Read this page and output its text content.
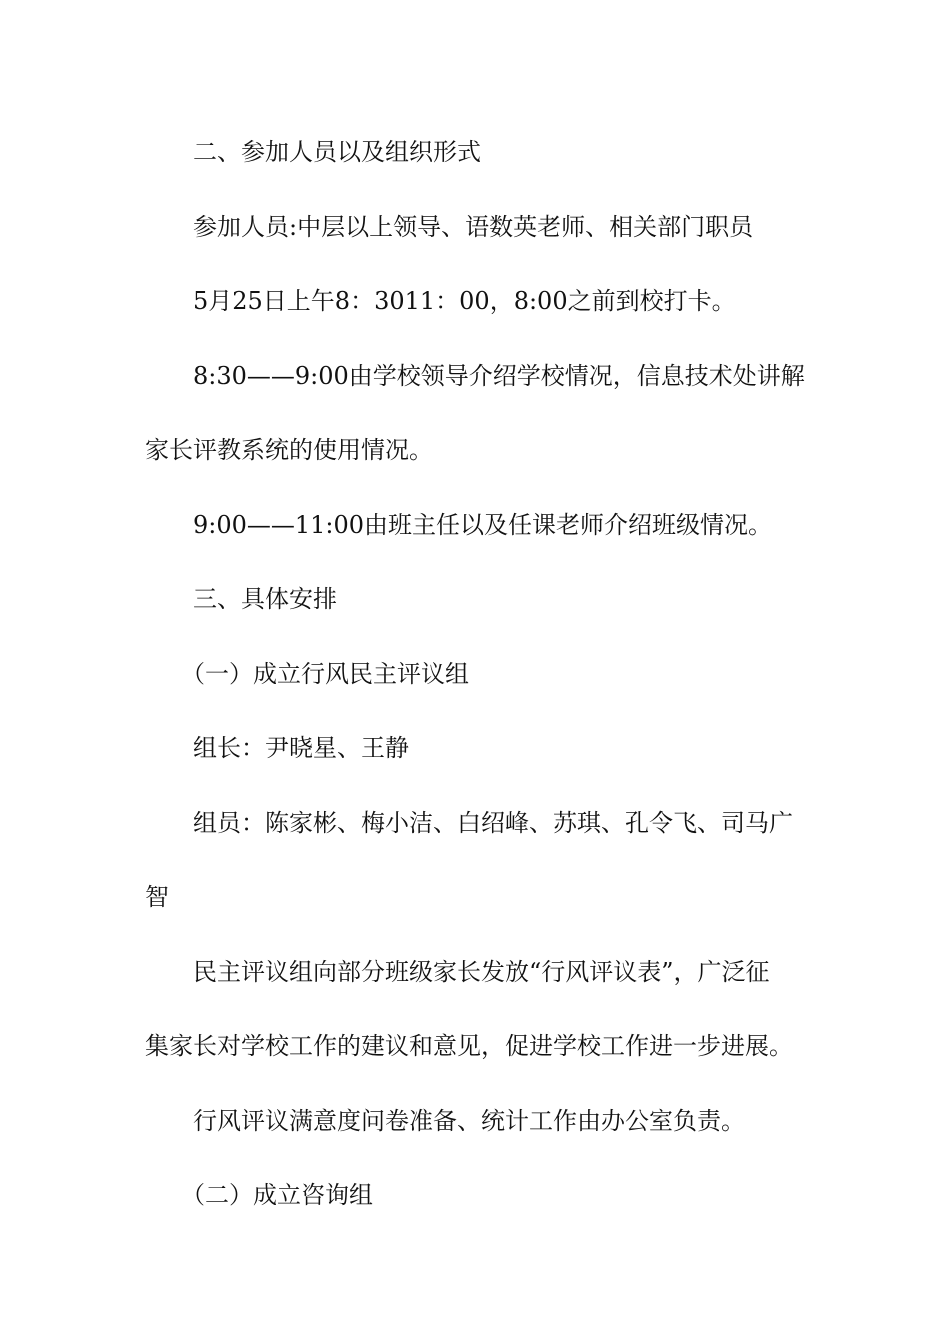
二、参加人员以及组织形式

参加人员:中层以上领导、语数英老师、相关部门职员

5月25日上午8：3011：00，8:00之前到校打卡。

8:30——9:00由学校领导介绍学校情况，信息技术处讲解

家长评教系统的使用情况。

9:00——11:00由班主任以及任课老师介绍班级情况。

三、具体安排

（一）成立行风民主评议组

组长：尹晓星、王静

组员：陈家彬、梅小洁、白绍峰、苏琪、孔令飞、司马广

智

民主评议组向部分班级家长发放“行风评议表”，广泛征

集家长对学校工作的建议和意见，促进学校工作进一步进展。

行风评议满意度问卷准备、统计工作由办公室负责。

（二）成立咨询组
